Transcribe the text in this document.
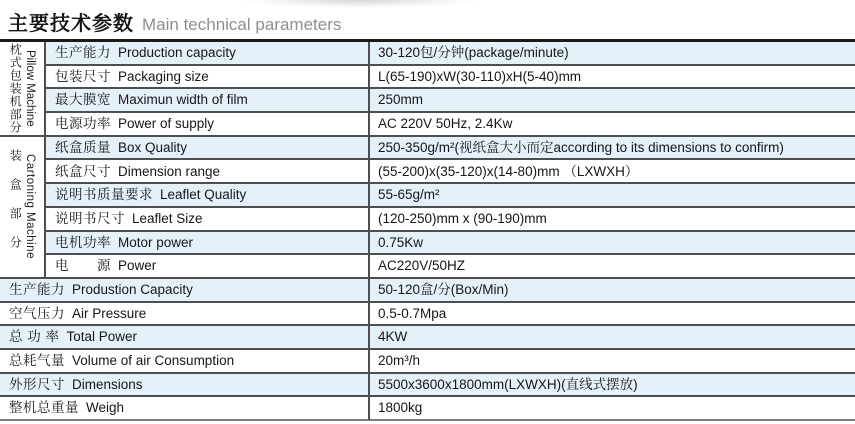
主要技术参数 Main technical parameters
枕式包装机部分 Pillow Machine
装盒部分 Cartoning Machine
生产能力 Production capacity	30-120包/分钟(package/minute)
包装尺寸 Packaging size	L(65-190)xW(30-110)xH(5-40)mm
最大膜宽 Maximun width of film	250mm
电源功率 Power of supply	AC 220V 50Hz, 2.4Kw
纸盒质量 Box Quality	250-350g/m²(视纸盒大小而定according to its dimensions to confirm)
纸盒尺寸 Dimension range	(55-200)x(35-120)x(14-80)mm （LXWXH）
说明书质量要求 Leaflet Quality	55-65g/m²
说明书尺寸 Leaflet Size	(120-250)mm x (90-190)mm
电机功率 Motor power	0.75Kw
电　　源 Power	AC220V/50HZ
生产能力 Produstion Capacity	50-120盒/分(Box/Min)
空气压力 Air Pressure	0.5-0.7Mpa
总 功 率 Total Power	4KW
总耗气量 Volume of air Consumption	20m³/h
外形尺寸 Dimensions	5500x3600x1800mm(LXWXH)(直线式摆放)
整机总重量 Weigh	1800kg
